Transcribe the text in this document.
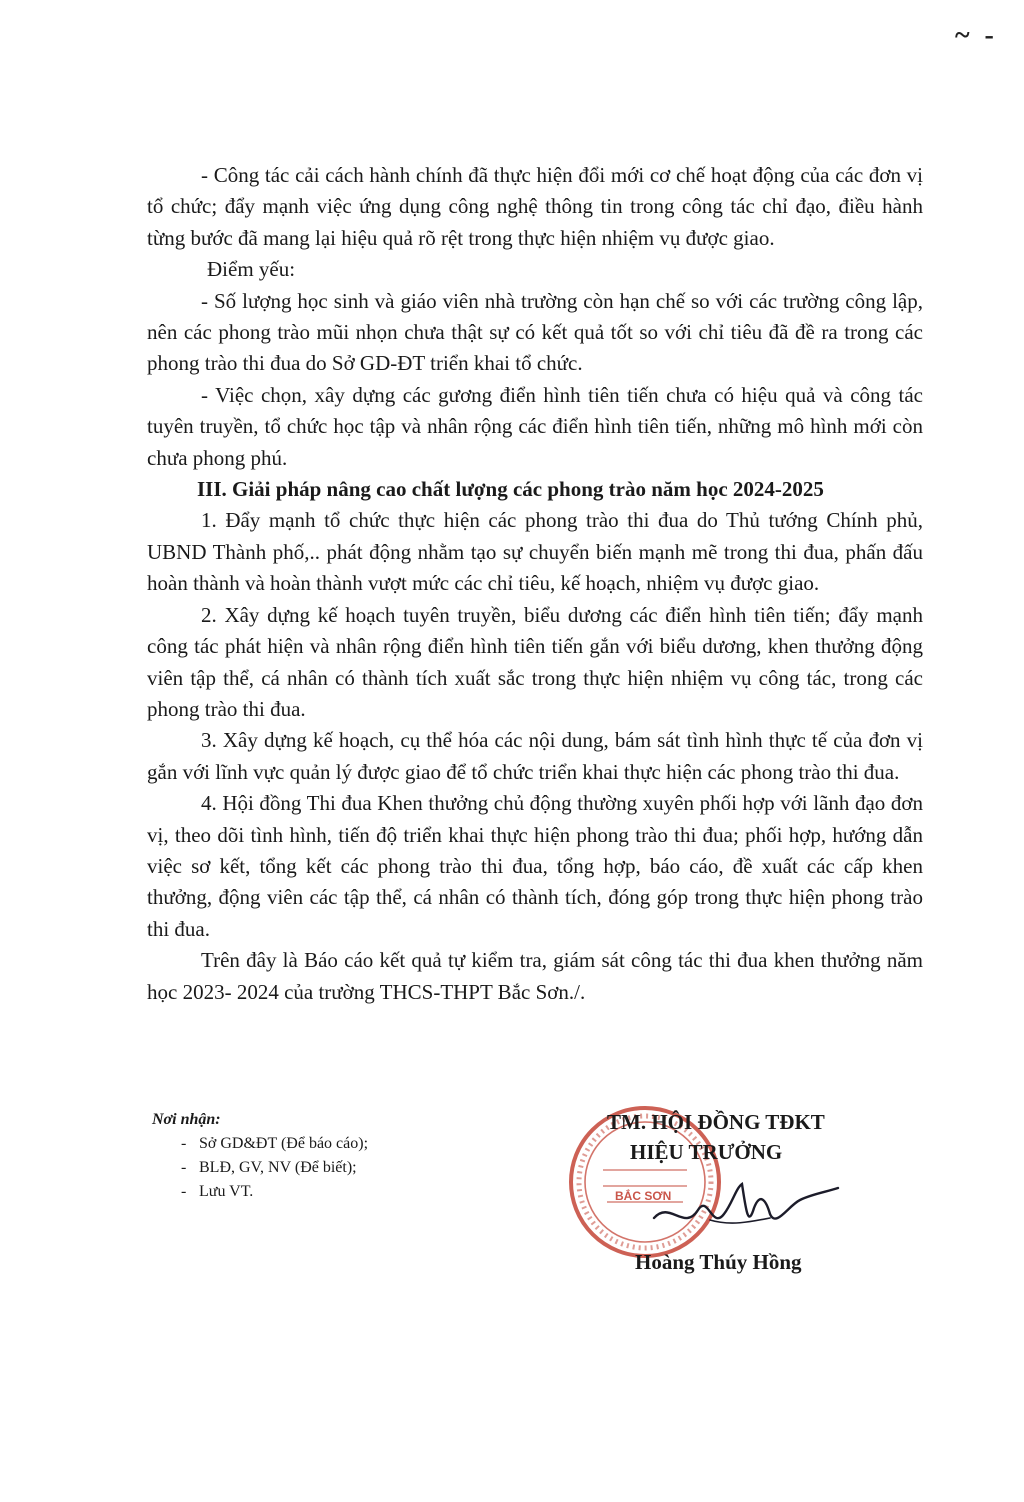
~ -

- Công tác cải cách hành chính đã thực hiện đổi mới cơ chế hoạt động của các đơn vị tổ chức; đẩy mạnh việc ứng dụng công nghệ thông tin trong công tác chỉ đạo, điều hành từng bước đã mang lại hiệu quả rõ rệt trong thực hiện nhiệm vụ được giao.

Điểm yếu:

- Số lượng học sinh và giáo viên nhà trường còn hạn chế so với các trường công lập, nên các phong trào mũi nhọn chưa thật sự có kết quả tốt so với chỉ tiêu đã đề ra trong các phong trào thi đua do Sở GD-ĐT triển khai tổ chức.

- Việc chọn, xây dựng các gương điển hình tiên tiến chưa có hiệu quả và công tác tuyên truyền, tổ chức học tập và nhân rộng các điển hình tiên tiến, những mô hình mới còn chưa phong phú.

III. Giải pháp nâng cao chất lượng các phong trào năm học 2024-2025

1. Đẩy mạnh tổ chức thực hiện các phong trào thi đua do Thủ tướng Chính phủ, UBND Thành phố,.. phát động nhằm tạo sự chuyển biến mạnh mẽ trong thi đua, phấn đấu hoàn thành và hoàn thành vượt mức các chỉ tiêu, kế hoạch, nhiệm vụ được giao.

2. Xây dựng kế hoạch tuyên truyền, biểu dương các điển hình tiên tiến; đẩy mạnh công tác phát hiện và nhân rộng điển hình tiên tiến gắn với biểu dương, khen thưởng động viên tập thể, cá nhân có thành tích xuất sắc trong thực hiện nhiệm vụ công tác, trong các phong trào thi đua.

3. Xây dựng kế hoạch, cụ thể hóa các nội dung, bám sát tình hình thực tế của đơn vị gắn với lĩnh vực quản lý được giao để tổ chức triển khai thực hiện các phong trào thi đua.

4. Hội đồng Thi đua Khen thưởng chủ động thường xuyên phối hợp với lãnh đạo đơn vị, theo dõi tình hình, tiến độ triển khai thực hiện phong trào thi đua; phối hợp, hướng dẫn việc sơ kết, tổng kết các phong trào thi đua, tổng hợp, báo cáo, đề xuất các cấp khen thưởng, động viên các tập thể, cá nhân có thành tích, đóng góp trong thực hiện phong trào thi đua.

Trên đây là Báo cáo kết quả tự kiểm tra, giám sát công tác thi đua khen thưởng năm học 2023- 2024 của trường THCS-THPT Bắc Sơn./.

Nơi nhận:
- Sở GD&ĐT (Để báo cáo);
- BLĐ, GV, NV (Để biết);
- Lưu VT.	BẮC SƠN
TM. HỘI ĐỒNG TĐKT
HIỆU TRƯỞNG
Hoàng Thúy Hồng
